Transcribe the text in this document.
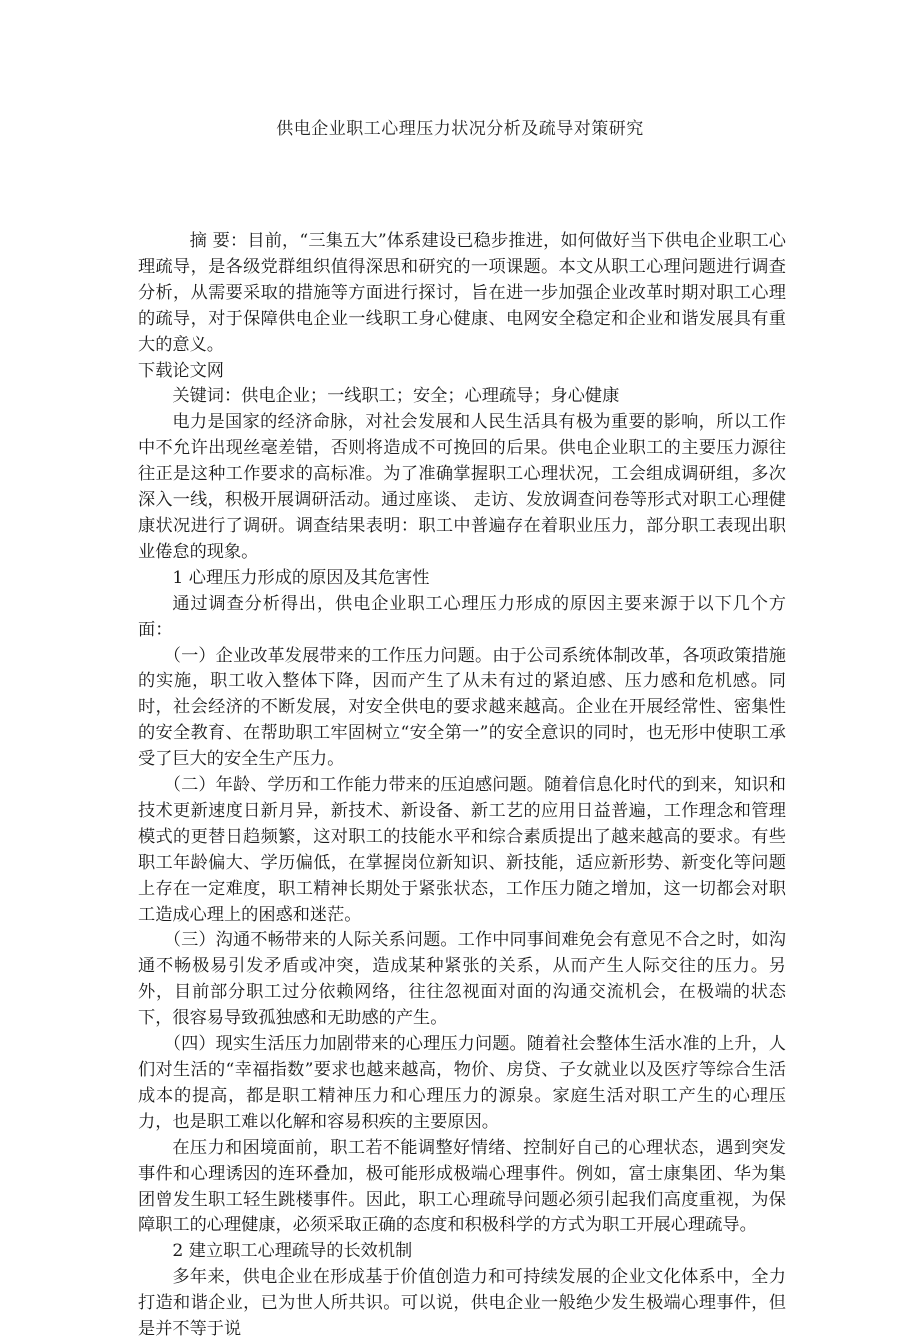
供电企业职工心理压力状况分析及疏导对策研究

摘 要：目前，“三集五大”体系建设已稳步推进，如何做好当下供电企业职工心理疏导，是各级党群组织值得深思和研究的一项课题。本文从职工心理问题进行调查分析，从需要采取的措施等方面进行探讨，旨在进一步加强企业改革时期对职工心理的疏导，对于保障供电企业一线职工身心健康、电网安全稳定和企业和谐发展具有重大的意义。

下载论文网

关键词：供电企业；一线职工；安全；心理疏导；身心健康

电力是国家的经济命脉，对社会发展和人民生活具有极为重要的影响，所以工作中不允许出现丝毫差错，否则将造成不可挽回的后果。供电企业职工的主要压力源往往正是这种工作要求的高标准。为了准确掌握职工心理状况，工会组成调研组，多次深入一线，积极开展调研活动。通过座谈、 走访、发放调查问卷等形式对职工心理健康状况进行了调研。调查结果表明：职工中普遍存在着职业压力，部分职工表现出职业倦怠的现象。

1 心理压力形成的原因及其危害性

通过调查分析得出，供电企业职工心理压力形成的原因主要来源于以下几个方面：

（一）企业改革发展带来的工作压力问题。由于公司系统体制改革，各项政策措施的实施，职工收入整体下降，因而产生了从未有过的紧迫感、压力感和危机感。同时，社会经济的不断发展，对安全供电的要求越来越高。企业在开展经常性、密集性的安全教育、在帮助职工牢固树立“安全第一”的安全意识的同时，也无形中使职工承受了巨大的安全生产压力。

（二）年龄、学历和工作能力带来的压迫感问题。随着信息化时代的到来，知识和技术更新速度日新月异，新技术、新设备、新工艺的应用日益普遍，工作理念和管理模式的更替日趋频繁，这对职工的技能水平和综合素质提出了越来越高的要求。有些职工年龄偏大、学历偏低，在掌握岗位新知识、新技能，适应新形势、新变化等问题上存在一定难度，职工精神长期处于紧张状态，工作压力随之增加，这一切都会对职工造成心理上的困惑和迷茫。

（三）沟通不畅带来的人际关系问题。工作中同事间难免会有意见不合之时，如沟通不畅极易引发矛盾或冲突，造成某种紧张的关系，从而产生人际交往的压力。另外，目前部分职工过分依赖网络，往往忽视面对面的沟通交流机会，在极端的状态下，很容易导致孤独感和无助感的产生。

（四）现实生活压力加剧带来的心理压力问题。随着社会整体生活水准的上升，人们对生活的“幸福指数”要求也越来越高，物价、房贷、子女就业以及医疗等综合生活成本的提高，都是职工精神压力和心理压力的源泉。家庭生活对职工产生的心理压力，也是职工难以化解和容易积疾的主要原因。

在压力和困境面前，职工若不能调整好情绪、控制好自己的心理状态，遇到突发事件和心理诱因的连环叠加，极可能形成极端心理事件。例如，富士康集团、华为集团曾发生职工轻生跳楼事件。因此，职工心理疏导问题必须引起我们高度重视，为保障职工的心理健康，必须采取正确的态度和积极科学的方式为职工开展心理疏导。

2 建立职工心理疏导的长效机制

多年来，供电企业在形成基于价值创造力和可持续发展的企业文化体系中，全力打造和谐企业，已为世人所共识。可以说，供电企业一般绝少发生极端心理事件，但是并不等于说
